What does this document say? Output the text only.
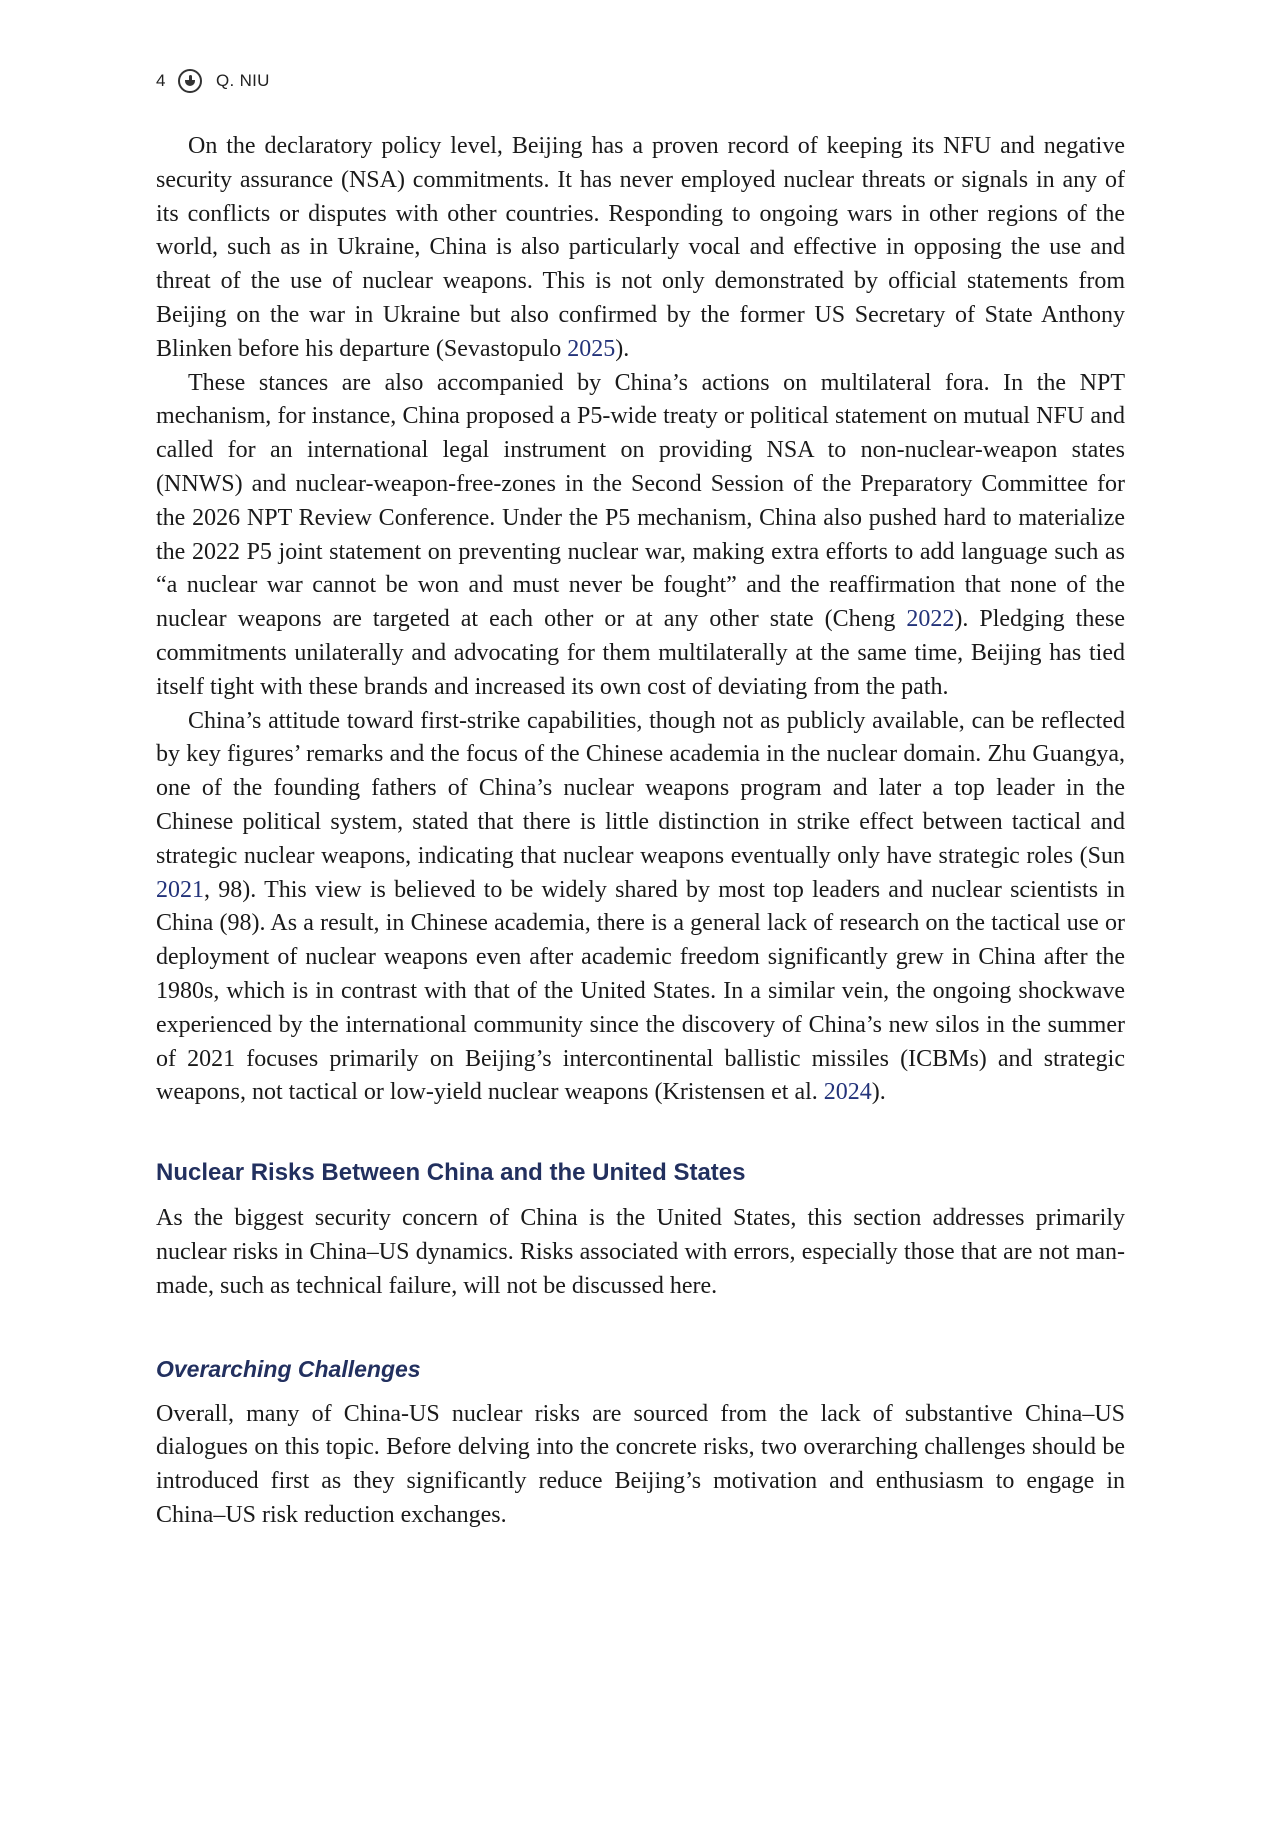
4	Q. NIU

On the declaratory policy level, Beijing has a proven record of keeping its NFU and negative security assurance (NSA) commitments. It has never employed nuclear threats or signals in any of its conflicts or disputes with other countries. Responding to ongoing wars in other regions of the world, such as in Ukraine, China is also particularly vocal and effective in opposing the use and threat of the use of nuclear weapons. This is not only demonstrated by official statements from Beijing on the war in Ukraine but also confirmed by the former US Secretary of State Anthony Blinken before his departure (Sevastopulo 2025).

These stances are also accompanied by China’s actions on multilateral fora. In the NPT mechanism, for instance, China proposed a P5-wide treaty or political statement on mutual NFU and called for an international legal instrument on providing NSA to non-nuclear-weapon states (NNWS) and nuclear-weapon-free-zones in the Second Session of the Preparatory Committee for the 2026 NPT Review Conference. Under the P5 mechanism, China also pushed hard to materialize the 2022 P5 joint statement on preventing nuclear war, making extra efforts to add language such as “a nuclear war cannot be won and must never be fought” and the reaffirmation that none of the nuclear weapons are targeted at each other or at any other state (Cheng 2022). Pledging these commitments unilaterally and advocating for them multilaterally at the same time, Beijing has tied itself tight with these brands and increased its own cost of deviating from the path.

China’s attitude toward first-strike capabilities, though not as publicly available, can be reflected by key figures’ remarks and the focus of the Chinese academia in the nuclear domain. Zhu Guangya, one of the founding fathers of China’s nuclear weapons program and later a top leader in the Chinese political system, stated that there is little distinction in strike effect between tactical and strategic nuclear weapons, indicating that nuclear weapons eventually only have strategic roles (Sun 2021, 98). This view is believed to be widely shared by most top leaders and nuclear scientists in China (98). As a result, in Chinese academia, there is a general lack of research on the tactical use or deployment of nuclear weapons even after academic freedom significantly grew in China after the 1980s, which is in contrast with that of the United States. In a similar vein, the ongoing shockwave experienced by the international community since the discovery of China’s new silos in the summer of 2021 focuses primarily on Beijing’s intercontinental ballistic missiles (ICBMs) and strategic weapons, not tactical or low-yield nuclear weapons (Kristensen et al. 2024).

Nuclear Risks Between China and the United States

As the biggest security concern of China is the United States, this section addresses primarily nuclear risks in China–US dynamics. Risks associated with errors, especially those that are not man-made, such as technical failure, will not be discussed here.

Overarching Challenges

Overall, many of China-US nuclear risks are sourced from the lack of substantive China–US dialogues on this topic. Before delving into the concrete risks, two overarching challenges should be introduced first as they significantly reduce Beijing’s motivation and enthusiasm to engage in China–US risk reduction exchanges.
